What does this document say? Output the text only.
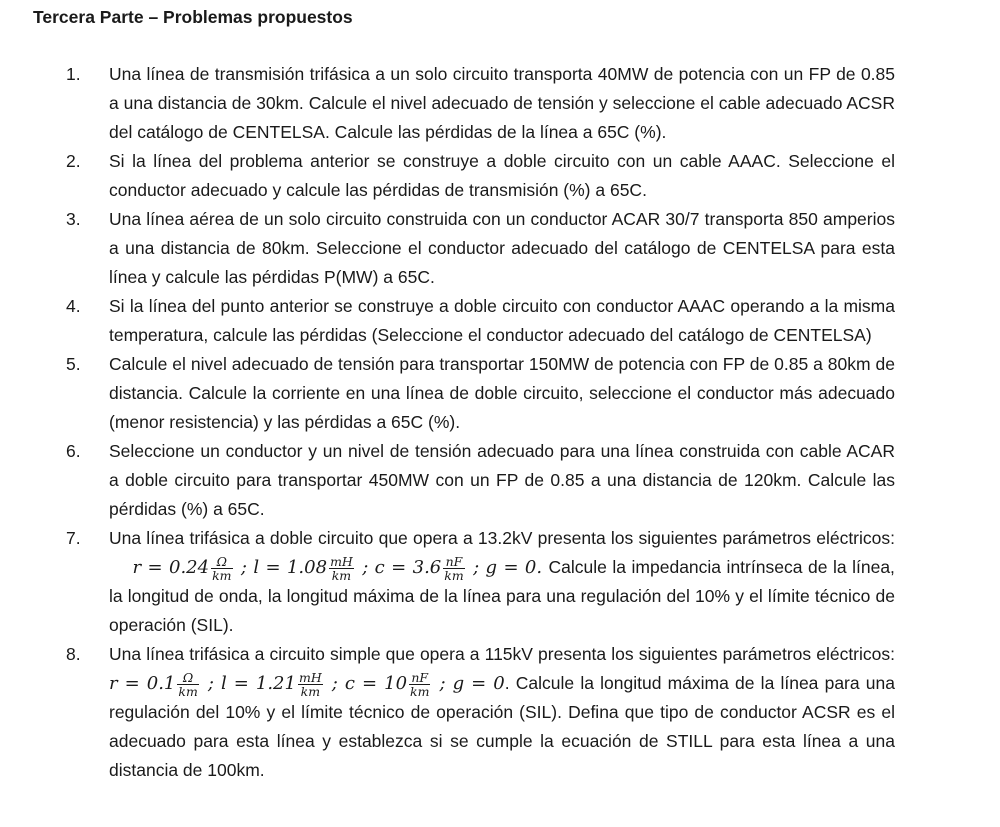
Tercera Parte – Problemas propuestos
1. Una línea de transmisión trifásica a un solo circuito transporta 40MW de potencia con un FP de 0.85 a una distancia de 30km. Calcule el nivel adecuado de tensión y seleccione el cable adecuado ACSR del catálogo de CENTELSA. Calcule las pérdidas de la línea a 65C (%).
2. Si la línea del problema anterior se construye a doble circuito con un cable AAAC. Seleccione el conductor adecuado y calcule las pérdidas de transmisión (%) a 65C.
3. Una línea aérea de un solo circuito construida con un conductor ACAR 30/7 transporta 850 amperios a una distancia de 80km. Seleccione el conductor adecuado del catálogo de CENTELSA para esta línea y calcule las pérdidas P(MW) a 65C.
4. Si la línea del punto anterior se construye a doble circuito con conductor AAAC operando a la misma temperatura, calcule las pérdidas (Seleccione el conductor adecuado del catálogo de CENTELSA)
5. Calcule el nivel adecuado de tensión para transportar 150MW de potencia con FP de 0.85 a 80km de distancia. Calcule la corriente en una línea de doble circuito, seleccione el conductor más adecuado (menor resistencia) y las pérdidas a 65C (%).
6. Seleccione un conductor y un nivel de tensión adecuado para una línea construida con cable ACAR a doble circuito para transportar 450MW con un FP de 0.85 a una distancia de 120km. Calcule las pérdidas (%) a 65C.
7. Una línea trifásica a doble circuito que opera a 13.2kV presenta los siguientes parámetros eléctricos:  $r = 0.24 \frac{\Omega}{km}$ ; $l = 1.08 \frac{mH}{km}$ ; $c = 3.6 \frac{nF}{km}$ ; g = 0. Calcule la impedancia intrínseca de la línea, la longitud de onda, la longitud máxima de la línea para una regulación del 10% y el límite técnico de operación (SIL).
8. Una línea trifásica a circuito simple que opera a 115kV presenta los siguientes parámetros eléctricos: $r = 0.1 \frac{\Omega}{km}$ ; $l = 1.21 \frac{mH}{km}$ ; $c = 10 \frac{nF}{km}$ ; g = 0. Calcule la longitud máxima de la línea para una regulación del 10% y el límite técnico de operación (SIL). Defina que tipo de conductor ACSR es el adecuado para esta línea y establezca si se cumple la ecuación de STILL para esta línea a una distancia de 100km.
